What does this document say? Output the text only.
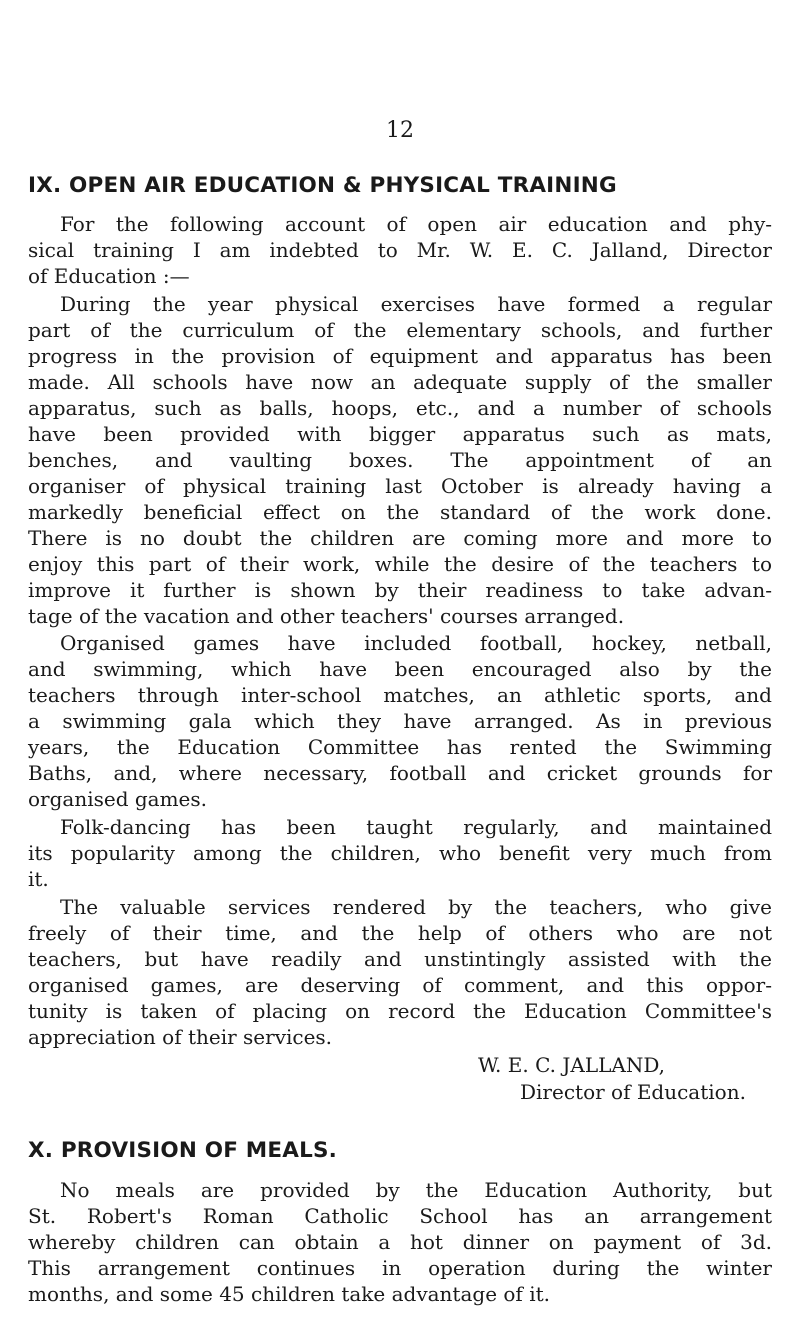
12
IX. OPEN AIR EDUCATION & PHYSICAL TRAINING
For the following account of open air education and phy-
sical training I am indebted to Mr. W. E. C. Jalland, Director
of Education :—
During the year physical exercises have formed a regular
part of the curriculum of the elementary schools, and further
progress in the provision of equipment and apparatus has been
made. All schools have now an adequate supply of the smaller
apparatus, such as balls, hoops, etc., and a number of schools
have been provided with bigger apparatus such as mats,
benches, and vaulting boxes. The appointment of an
organiser of physical training last October is already having a
markedly beneficial effect on the standard of the work done.
There is no doubt the children are coming more and more to
enjoy this part of their work, while the desire of the teachers to
improve it further is shown by their readiness to take advan-
tage of the vacation and other teachers' courses arranged.
Organised games have included football, hockey, netball,
and swimming, which have been encouraged also by the
teachers through inter-school matches, an athletic sports, and
a swimming gala which they have arranged. As in previous
years, the Education Committee has rented the Swimming
Baths, and, where necessary, football and cricket grounds for
organised games.
Folk-dancing has been taught regularly, and maintained
its popularity among the children, who benefit very much from
it.
The valuable services rendered by the teachers, who give
freely of their time, and the help of others who are not
teachers, but have readily and unstintingly assisted with the
organised games, are deserving of comment, and this oppor-
tunity is taken of placing on record the Education Committee's
appreciation of their services.
W. E. C. JALLAND,
Director of Education.
X. PROVISION OF MEALS.
No meals are provided by the Education Authority, but
St. Robert's Roman Catholic School has an arrangement
whereby children can obtain a hot dinner on payment of 3d.
This arrangement continues in operation during the winter
months, and some 45 children take advantage of it.
